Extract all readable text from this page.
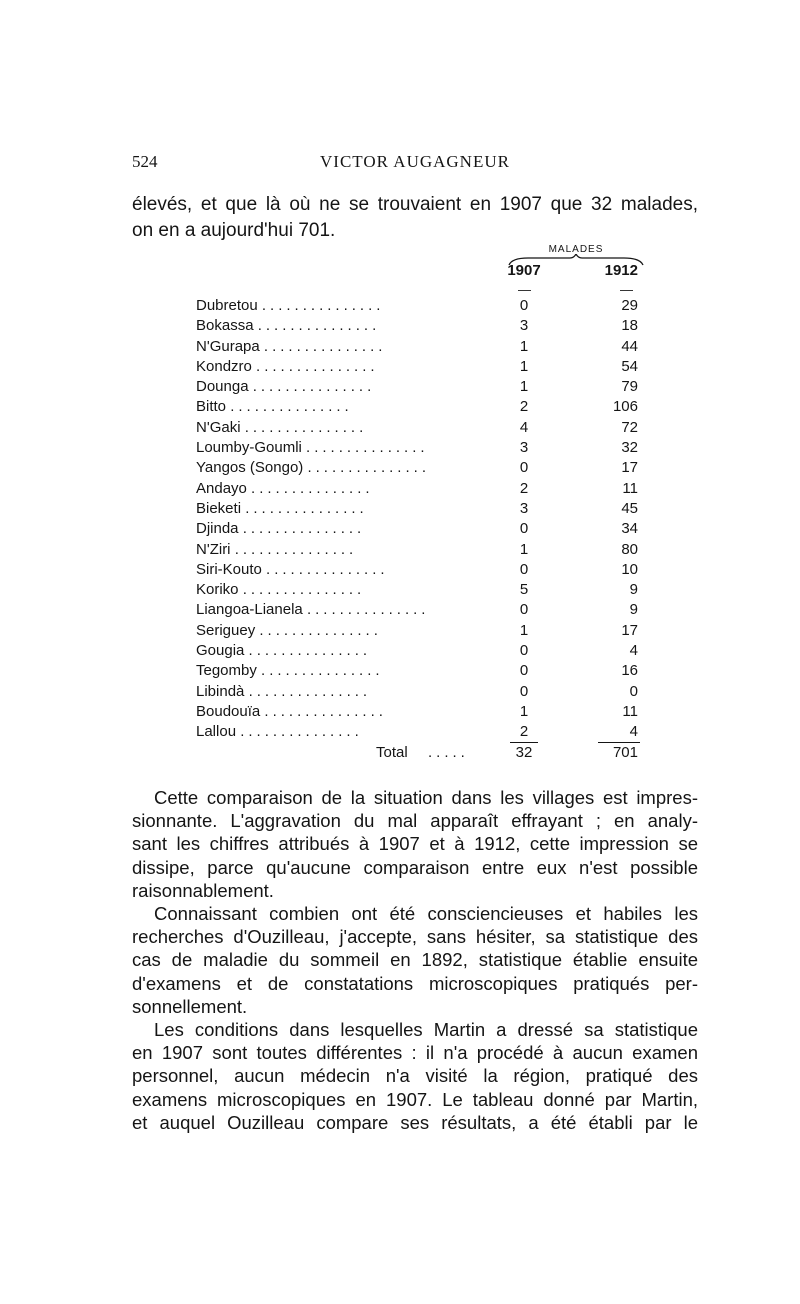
524	VICTOR AUGAGNEUR
élevés, et que là où ne se trouvaient en 1907 que 32 malades,
on en a aujourd'hui 701.
MALADES
1907	1912
—	—
Dubretou ...............	0	29
Bokassa ...............	3	18
N'Gurapa ...............	1	44
Kondzro ...............	1	54
Dounga ...............	1	79
Bitto ...............	2	106
N'Gaki ...............	4	72
Loumby-Goumli ...............	3	32
Yangos (Songo) ...............	0	17
Andayo ...............	2	11
Bieketi ...............	3	45
Djinda ...............	0	34
N'Ziri ...............	1	80
Siri-Kouto ...............	0	10
Koriko ...............	5	9
Liangoa-Lianela ...............	0	9
Seriguey ...............	1	17
Gougia ...............	0	4
Tegomby ...............	0	16
Libindà ...............	0	0
Boudouïa ...............	1	11
Lallou ...............	2	4
Total .....	32	701
Cette comparaison de la situation dans les villages est impres-
sionnante. L'aggravation du mal apparaît effrayant ; en analy-
sant les chiffres attribués à 1907 et à 1912, cette impression se
dissipe, parce qu'aucune comparaison entre eux n'est possible
raisonnablement.
Connaissant combien ont été consciencieuses et habiles les
recherches d'Ouzilleau, j'accepte, sans hésiter, sa statistique des
cas de maladie du sommeil en 1892, statistique établie ensuite
d'examens et de constatations microscopiques pratiqués per-
sonnellement.
Les conditions dans lesquelles Martin a dressé sa statistique
en 1907 sont toutes différentes : il n'a procédé à aucun examen
personnel, aucun médecin n'a visité la région, pratiqué des
examens microscopiques en 1907. Le tableau donné par Martin,
et auquel Ouzilleau compare ses résultats, a été établi par le
